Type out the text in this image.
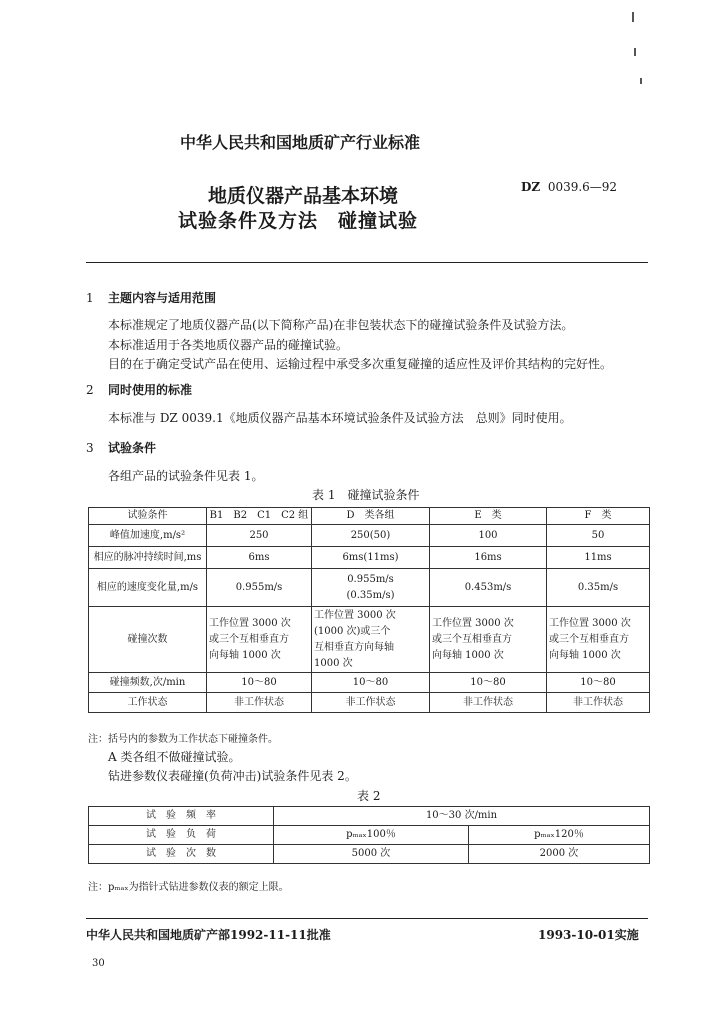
中华人民共和国地质矿产行业标准
地质仪器产品基本环境
试验条件及方法　碰撞试验
DZ 0039.6—92
1 主题内容与适用范围
本标准规定了地质仪器产品(以下简称产品)在非包装状态下的碰撞试验条件及试验方法。
本标准适用于各类地质仪器产品的碰撞试验。
目的在于确定受试产品在使用、运输过程中承受多次重复碰撞的适应性及评价其结构的完好性。
2 同时使用的标准
本标准与 DZ 0039.1《地质仪器产品基本环境试验条件及试验方法　总则》同时使用。
3 试验条件
各组产品的试验条件见表 1。
表 1　碰撞试验条件
试验条件	B1　B2　C1　C2 组	D　类各组	E　类	F　类
峰值加速度,m/s²	250	250(50)	100	50
相应的脉冲持续时间,ms	6ms	6ms(11ms)	16ms	11ms
相应的速度变化量,m/s	0.955m/s	0.955m/s
(0.35m/s)	0.453m/s	0.35m/s
碰撞次数	工作位置 3000 次
或三个互相垂直方
向每轴 1000 次	工作位置 3000 次
(1000 次)或三个
互相垂直方向每轴
1000 次	工作位置 3000 次
或三个互相垂直方
向每轴 1000 次	工作位置 3000 次
或三个互相垂直方
向每轴 1000 次
碰撞频数,次/min	10～80	10～80	10～80	10～80
工作状态	非工作状态	非工作状态	非工作状态	非工作状态
注：括号内的参数为工作状态下碰撞条件。
A 类各组不做碰撞试验。
钻进参数仪表碰撞(负荷冲击)试验条件见表 2。
表 2
试　验　频　率	10～30 次/min	
试　验　负　荷	pₘₐₓ100％	pₘₐₓ120％
试　验　次　数	5000 次	2000 次
注：pₘₐₓ为指针式钻进参数仪表的额定上限。
中华人民共和国地质矿产部1992-11-11批准	1993-10-01实施
30
